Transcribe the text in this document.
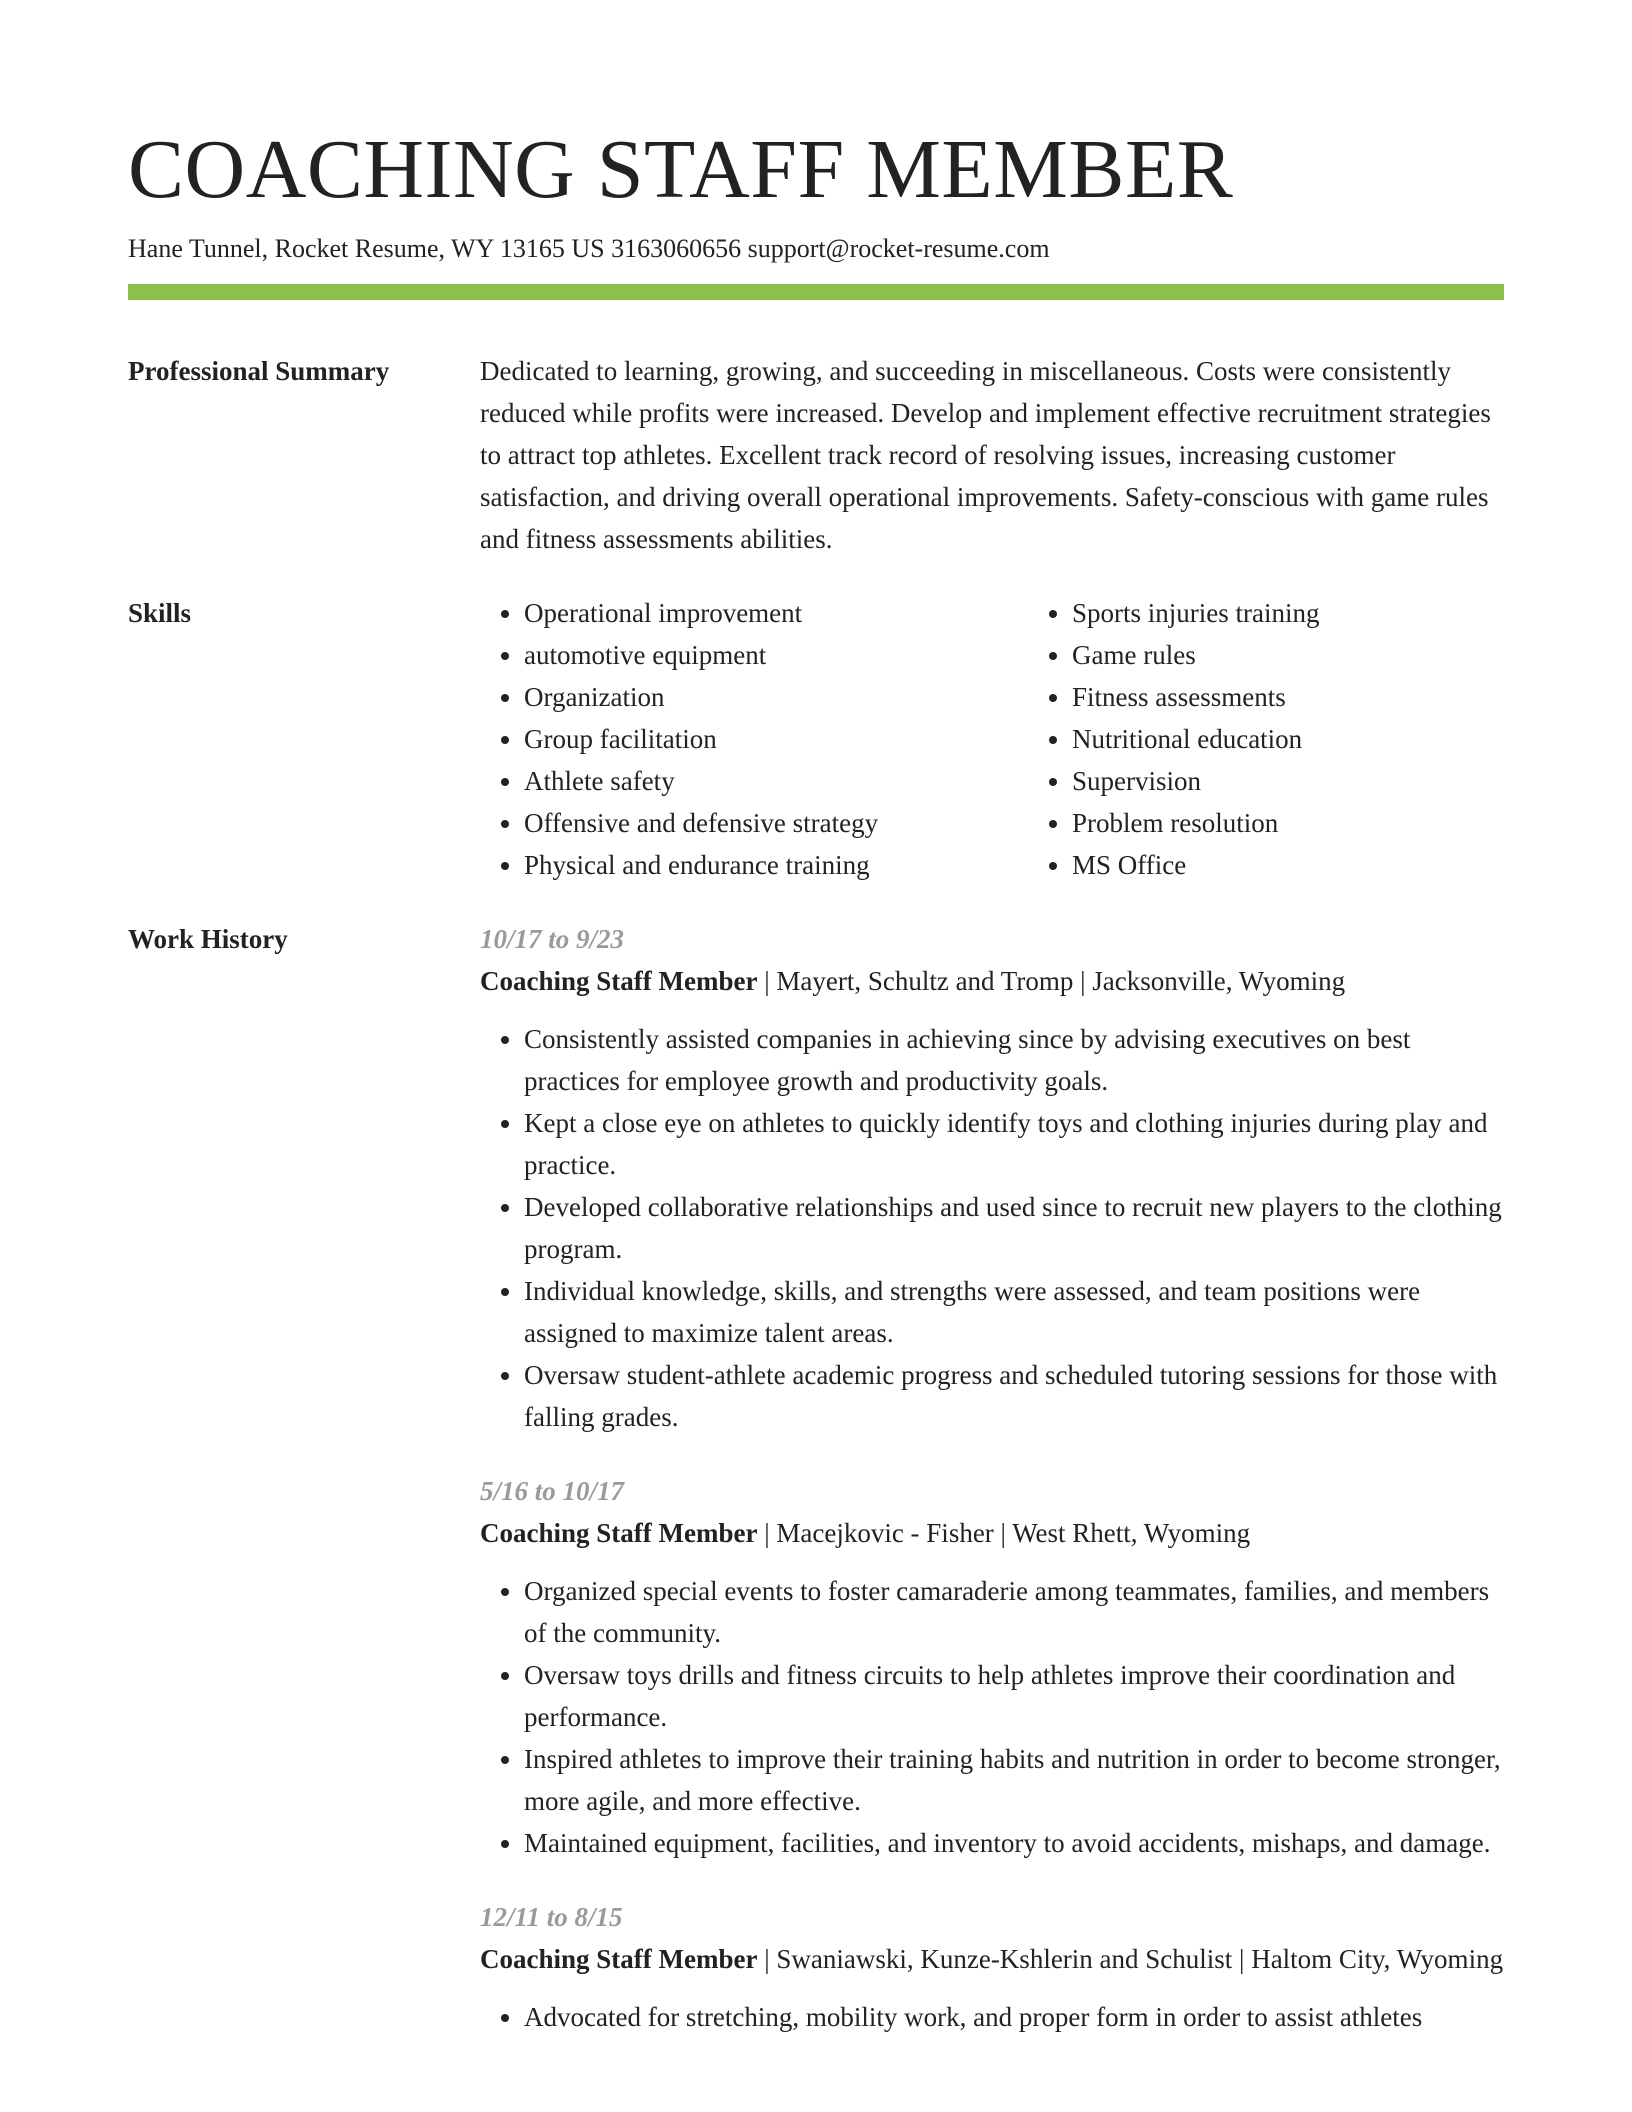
COACHING STAFF MEMBER
Hane Tunnel, Rocket Resume, WY 13165 US 3163060656 support@rocket-resume.com
Professional Summary	Dedicated to learning, growing, and succeeding in miscellaneous. Costs were consistently reduced while profits were increased. Develop and implement effective recruitment strategies to attract top athletes. Excellent track record of resolving issues, increasing customer satisfaction, and driving overall operational improvements. Safety-conscious with game rules and fitness assessments abilities.

Skills
•	Operational improvement
• automotive equipment
• Organization
• Group facilitation
• Athlete safety
• Offensive and defensive strategy
• Physical and endurance training
• Sports injuries training
• Game rules
• Fitness assessments
• Nutritional education
• Supervision
• Problem resolution
• MS Office
Work History	10/17 to 9/23
Coaching Staff Member | Mayert, Schultz and Tromp | Jacksonville, Wyoming
• Consistently assisted companies in achieving since by advising executives on best practices for employee growth and productivity goals.
• Kept a close eye on athletes to quickly identify toys and clothing injuries during play and practice.
• Developed collaborative relationships and used since to recruit new players to the clothing program.
• Individual knowledge, skills, and strengths were assessed, and team positions were assigned to maximize talent areas.
• Oversaw student-athlete academic progress and scheduled tutoring sessions for those with falling grades.
5/16 to 10/17
Coaching Staff Member | Macejkovic - Fisher | West Rhett, Wyoming
• Organized special events to foster camaraderie among teammates, families, and members of the community.
• Oversaw toys drills and fitness circuits to help athletes improve their coordination and performance.
• Inspired athletes to improve their training habits and nutrition in order to become stronger, more agile, and more effective.
• Maintained equipment, facilities, and inventory to avoid accidents, mishaps, and damage.
12/11 to 8/15
Coaching Staff Member | Swaniawski, Kunze-Kshlerin and Schulist | Haltom City, Wyoming
• Advocated for stretching, mobility work, and proper form in order to assist athletes
